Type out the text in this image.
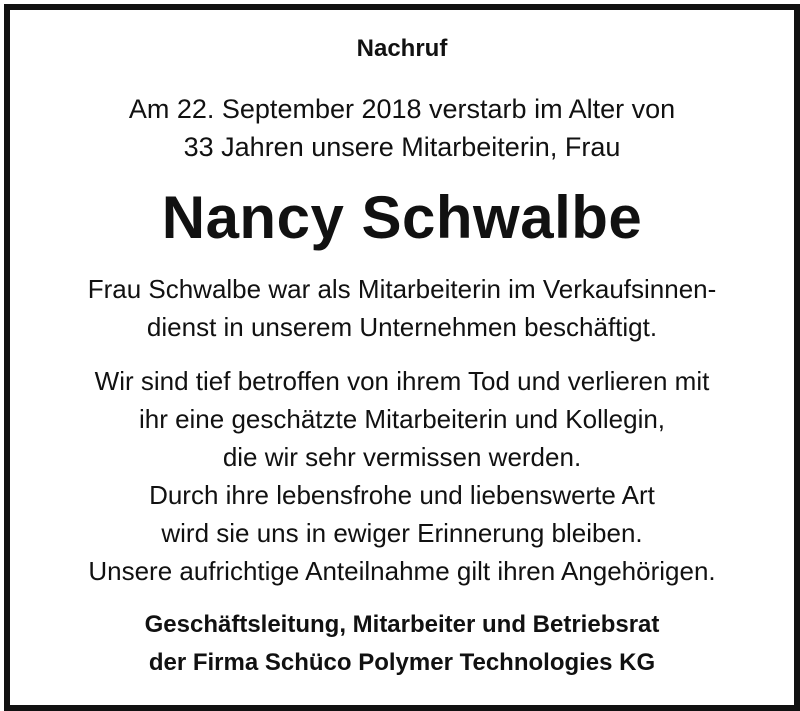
Nachruf
Am 22. September 2018 verstarb im Alter von
33 Jahren unsere Mitarbeiterin, Frau
Nancy Schwalbe
Frau Schwalbe war als Mitarbeiterin im Verkaufsinnen-
dienst in unserem Unternehmen beschäftigt.
Wir sind tief betroffen von ihrem Tod und verlieren mit
ihr eine geschätzte Mitarbeiterin und Kollegin,
die wir sehr vermissen werden.
Durch ihre lebensfrohe und liebenswerte Art
wird sie uns in ewiger Erinnerung bleiben.
Unsere aufrichtige Anteilnahme gilt ihren Angehörigen.
Geschäftsleitung, Mitarbeiter und Betriebsrat
der Firma Schüco Polymer Technologies KG
